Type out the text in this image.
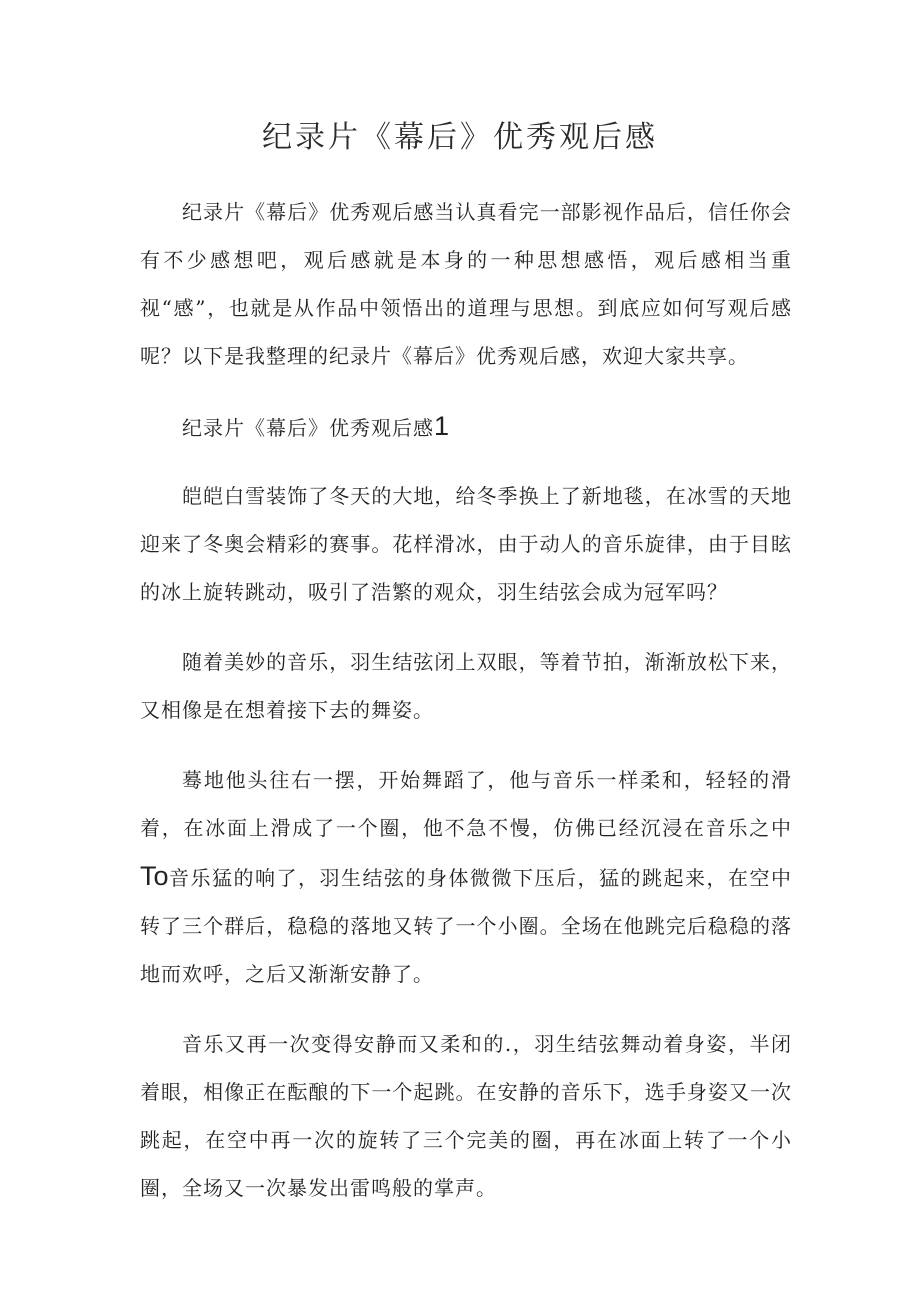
纪录片《幕后》优秀观后感

纪录片《幕后》优秀观后感当认真看完一部影视作品后，信任你会有不少感想吧，观后感就是本身的一种思想感悟，观后感相当重视“感”，也就是从作品中领悟出的道理与思想。到底应如何写观后感呢？以下是我整理的纪录片《幕后》优秀观后感，欢迎大家共享。

纪录片《幕后》优秀观后感1

皑皑白雪装饰了冬天的大地，给冬季换上了新地毯，在冰雪的天地迎来了冬奥会精彩的赛事。花样滑冰，由于动人的音乐旋律，由于目眩的冰上旋转跳动，吸引了浩繁的观众，羽生结弦会成为冠军吗？

随着美妙的音乐，羽生结弦闭上双眼，等着节拍，渐渐放松下来，又相像是在想着接下去的舞姿。

蓦地他头往右一摆，开始舞蹈了，他与音乐一样柔和，轻轻的滑着，在冰面上滑成了一个圈，他不急不慢，仿佛已经沉浸在音乐之中To音乐猛的响了，羽生结弦的身体微微下压后，猛的跳起来，在空中转了三个群后，稳稳的落地又转了一个小圈。全场在他跳完后稳稳的落地而欢呼，之后又渐渐安静了。

音乐又再一次变得安静而又柔和的.，羽生结弦舞动着身姿，半闭着眼，相像正在酝酿的下一个起跳。在安静的音乐下，选手身姿又一次跳起，在空中再一次的旋转了三个完美的圈，再在冰面上转了一个小圈，全场又一次暴发出雷鸣般的掌声。
